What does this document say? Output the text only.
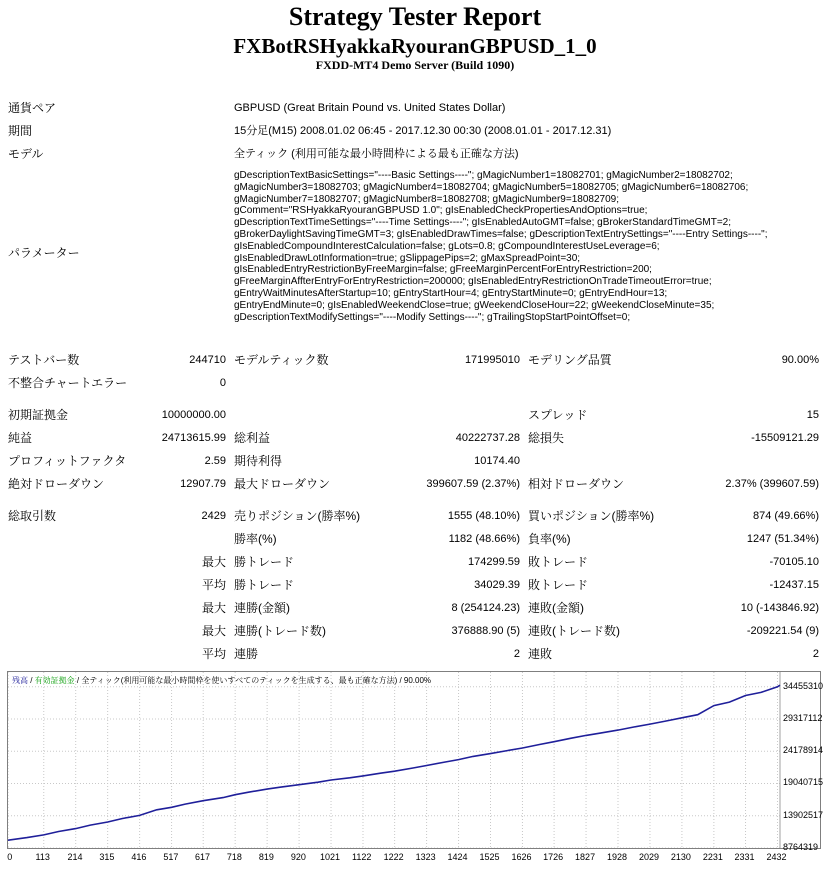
Strategy Tester Report
FXBotRSHyakkaRyouranGBPUSD_1_0
FXDD-MT4 Demo Server (Build 1090)
通貨ペア	GBPUSD (Great Britain Pound vs. United States Dollar)
期間	15分足(M15) 2008.01.02 06:45 - 2017.12.30 00:30 (2008.01.01 - 2017.12.31)
モデル	全ティック (利用可能な最小時間枠による最も正確な方法)
パラメーター
gDescriptionTextBasicSettings="----Basic Settings----"; gMagicNumber1=18082701; gMagicNumber2=18082702;
gMagicNumber3=18082703; gMagicNumber4=18082704; gMagicNumber5=18082705; gMagicNumber6=18082706;
gMagicNumber7=18082707; gMagicNumber8=18082708; gMagicNumber9=18082709;
gComment="RSHyakkaRyouranGBPUSD 1.0"; gIsEnabledCheckPropertiesAndOptions=true;
gDescriptionTextTimeSettings="----Time Settings----"; gIsEnabledAutoGMT=false; gBrokerStandardTimeGMT=2;
gBrokerDaylightSavingTimeGMT=3; gIsEnabledDrawTimes=false; gDescriptionTextEntrySettings="----Entry Settings----";
gIsEnabledCompoundInterestCalculation=false; gLots=0.8; gCompoundInterestUseLeverage=6;
gIsEnabledDrawLotInformation=true; gSlippagePips=2; gMaxSpreadPoint=30;
gIsEnabledEntryRestrictionByFreeMargin=false; gFreeMarginPercentForEntryRestriction=200;
gFreeMarginAffterEntryForEntryRestriction=200000; gIsEnabledEntryRestrictionOnTradeTimeoutError=true;
gEntryWaitMinutesAfterStartup=10; gEntryStartHour=4; gEntryStartMinute=0; gEntryEndHour=13;
gEntryEndMinute=0; gIsEnabledWeekendClose=true; gWeekendCloseHour=22; gWeekendCloseMinute=35;
gDescriptionTextModifySettings="----Modify Settings----"; gTrailingStopStartPointOffset=0;
テストバー数	244710 モデルティック数	171995010 モデリング品質	90.00%
不整合チャートエラー	0
初期証拠金	10000000.00	スプレッド	15
純益	24713615.99 総利益	40222737.28 総損失	-15509121.29
プロフィットファクタ	2.59 期待利得	10174.40
絶対ドローダウン	12907.79 最大ドローダウン	399607.59 (2.37%) 相対ドローダウン	2.37% (399607.59)
総取引数	2429 売りポジション(勝率%)	1555 (48.10%) 買いポジション(勝率%)	874 (49.66%)
勝率(%)	1182 (48.66%) 負率(%)	1247 (51.34%)
最大 勝トレード	174299.59 敗トレード	-70105.10
平均 勝トレード	34029.39 敗トレード	-12437.15
最大 連勝(金額)	8 (254124.23) 連敗(金額)	10 (-143846.92)
最大 連勝(トレード数)	376888.90 (5) 連敗(トレード数)	-209221.54 (9)
平均 連勝	2 連敗	2
残高 / 有効証拠金 / 全ティック(利用可能な最小時間枠を使いすべてのティックを生成する、最も正確な方法) / 90.00%
0	113 214 315 416 517 617 718 819 920 1021 1122 1222 1323 1424 1525 1626 1726 1827 1928 2029 2130 2231 2331 2432
8764319
13902517
19040715
24178914
29317112
34455310
